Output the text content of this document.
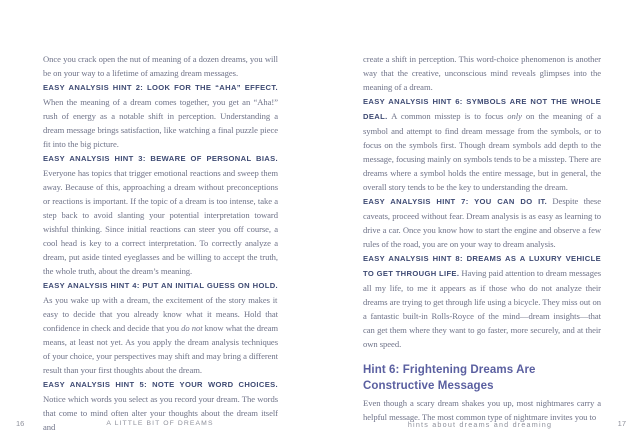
Once you crack open the nut of meaning of a dozen dreams, you will be on your way to a lifetime of amazing dream messages.

EASY ANALYSIS HINT 2: LOOK FOR THE “AHA” EFFECT. When the meaning of a dream comes together, you get an “Aha!” rush of energy as a notable shift in perception. Understanding a dream message brings satisfaction, like watching a final puzzle piece fit into the big picture.

EASY ANALYSIS HINT 3: BEWARE OF PERSONAL BIAS. Everyone has topics that trigger emotional reactions and sweep them away. Because of this, approaching a dream without preconceptions or reactions is important. If the topic of a dream is too intense, take a step back to avoid slanting your potential interpretation toward wishful thinking. Since initial reactions can steer you off course, a cool head is key to a correct interpretation. To correctly analyze a dream, put aside tinted eyeglasses and be willing to accept the truth, the whole truth, about the dream’s meaning.

EASY ANALYSIS HINT 4: PUT AN INITIAL GUESS ON HOLD. As you wake up with a dream, the excitement of the story makes it easy to decide that you already know what it means. Hold that confidence in check and decide that you do not know what the dream means, at least not yet. As you apply the dream analysis techniques of your choice, your perspectives may shift and may bring a different result than your first thoughts about the dream.

EASY ANALYSIS HINT 5: NOTE YOUR WORD CHOICES. Notice which words you select as you record your dream. The words that come to mind often alter your thoughts about the dream itself and

create a shift in perception. This word-choice phenomenon is another way that the creative, unconscious mind reveals glimpses into the meaning of a dream.

EASY ANALYSIS HINT 6: SYMBOLS ARE NOT THE WHOLE DEAL. A common misstep is to focus only on the meaning of a symbol and attempt to find dream message from the symbols, or to focus on the symbols first. Though dream symbols add depth to the message, focusing mainly on symbols tends to be a misstep. There are dreams where a symbol holds the entire message, but in general, the overall story tends to be the key to understanding the dream.

EASY ANALYSIS HINT 7: YOU CAN DO IT. Despite these caveats, proceed without fear. Dream analysis is as easy as learning to drive a car. Once you know how to start the engine and observe a few rules of the road, you are on your way to dream analysis.

EASY ANALYSIS HINT 8: DREAMS AS A LUXURY VEHICLE TO GET THROUGH LIFE. Having paid attention to dream messages all my life, to me it appears as if those who do not analyze their dreams are trying to get through life using a bicycle. They miss out on a fantastic built-in Rolls-Royce of the mind—dream insights—that can get them where they want to go faster, more securely, and at their own speed.

Hint 6: Frightening Dreams Are
Constructive Messages

Even though a scary dream shakes you up, most nightmares carry a helpful message. The most common type of nightmare invites you to

16	A LITTLE BIT OF DREAMS	hints about dreams and dreaming	17
